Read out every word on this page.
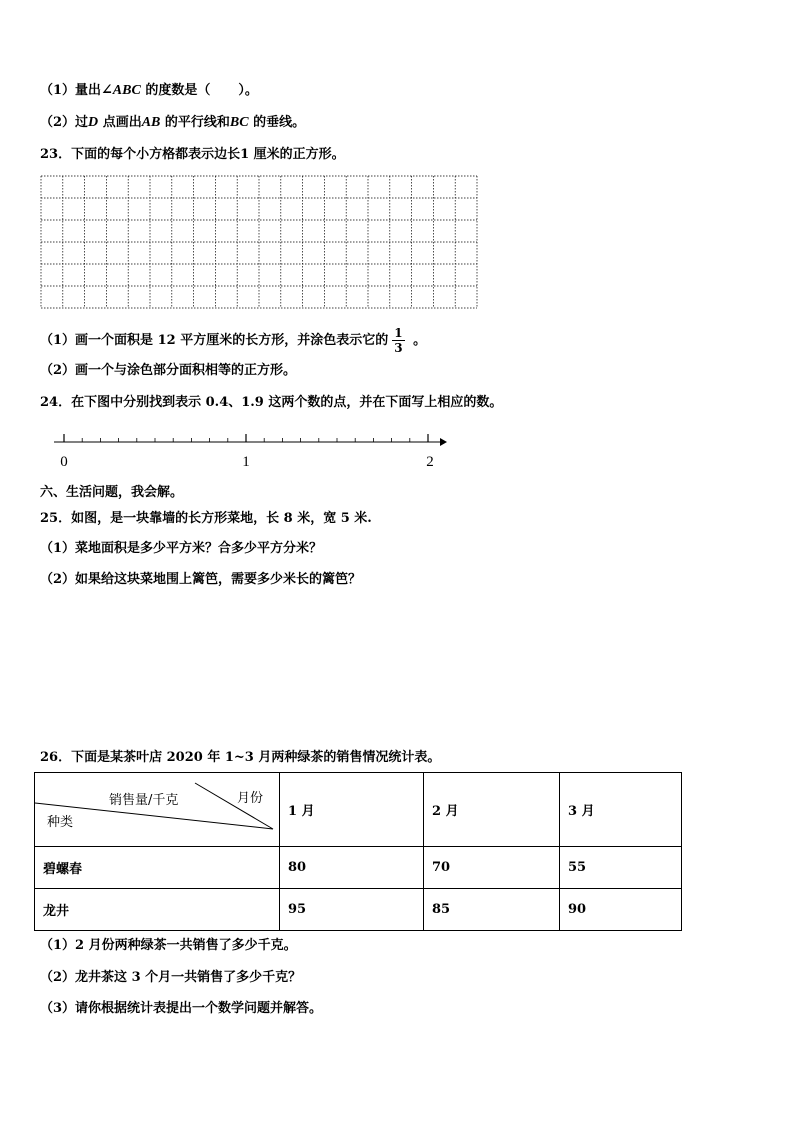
（1）量出∠ABC 的度数是（ ）。
（2）过D 点画出AB 的平行线和BC 的垂线。
23．下面的每个小方格都表示边长1 厘米的正方形。
（1）画一个面积是 12 平方厘米的长方形，并涂色表示它的 $\frac{1}{3}$ 。
（2）画一个与涂色部分面积相等的正方形。
24．在下图中分别找到表示 0.4、1.9 这两个数的点，并在下面写上相应的数。
0	1	2
六、生活问题，我会解。
25．如图，是一块靠墙的长方形菜地，长 8 米，宽 5 米.
（1）菜地面积是多少平方米？合多少平方分米？
（2）如果给这块菜地围上篱笆，需要多少米长的篱笆？
26．下面是某茶叶店 2020 年 1~3 月两种绿茶的销售情况统计表。
销售量/千克 月份
种类	1 月	2 月	3 月
碧螺春	80	70	55
龙井	95	85	90
（1）2 月份两种绿茶一共销售了多少千克。
（2）龙井茶这 3 个月一共销售了多少千克？
（3）请你根据统计表提出一个数学问题并解答。
